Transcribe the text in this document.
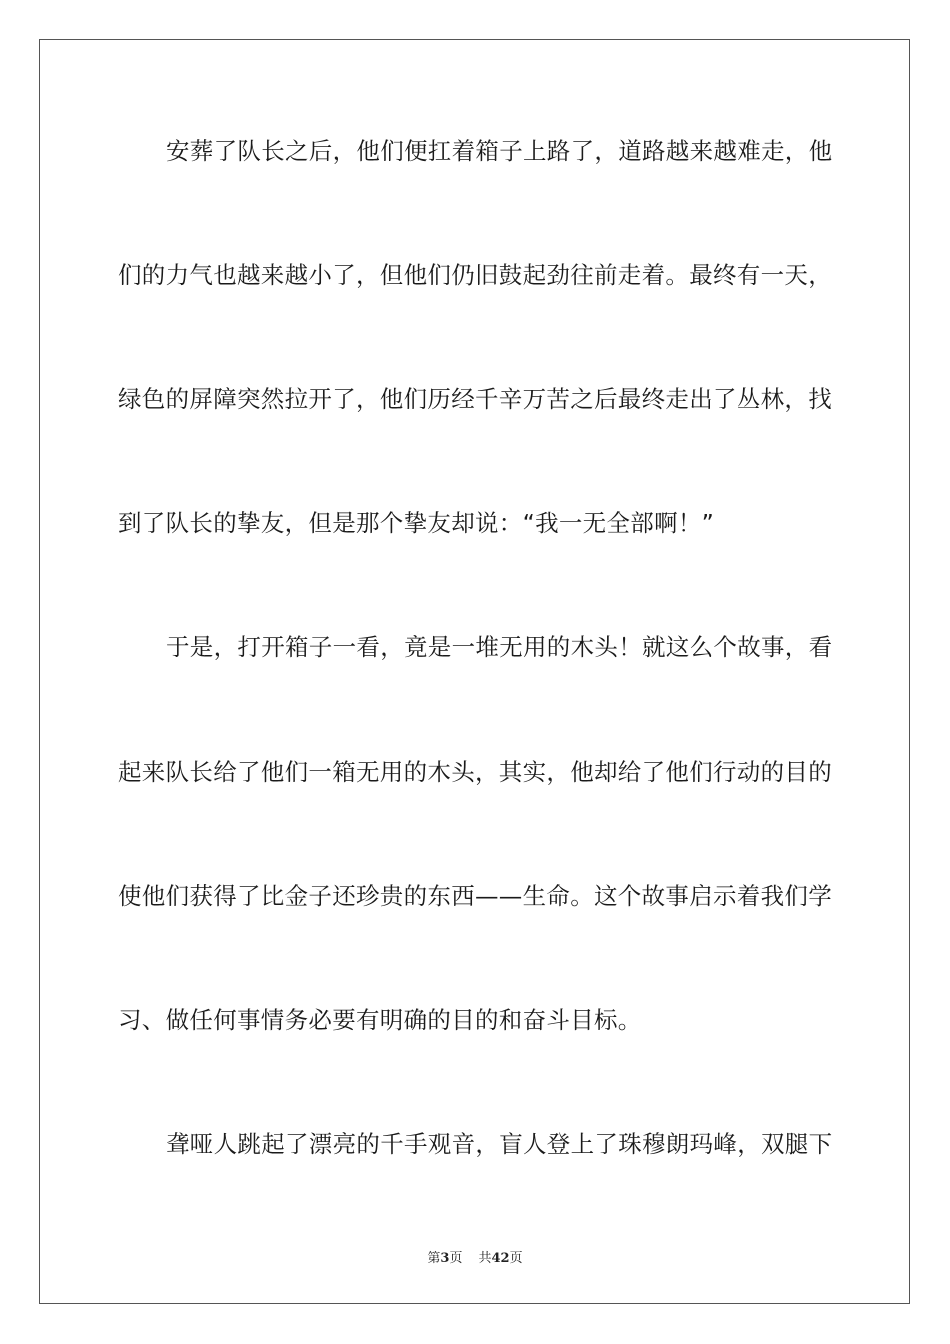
安葬了队长之后，他们便扛着箱子上路了，道路越来越难走，他
们的力气也越来越小了，但他们仍旧鼓起劲往前走着。最终有一天，
绿色的屏障突然拉开了，他们历经千辛万苦之后最终走出了丛林，找
到了队长的挚友，但是那个挚友却说：“我一无全部啊！”
于是，打开箱子一看，竟是一堆无用的木头！就这么个故事，看
起来队长给了他们一箱无用的木头，其实，他却给了他们行动的目的
使他们获得了比金子还珍贵的东西——生命。这个故事启示着我们学
习、做任何事情务必要有明确的目的和奋斗目标。
聋哑人跳起了漂亮的千手观音，盲人登上了珠穆朗玛峰，双腿下
第3页 共42页
